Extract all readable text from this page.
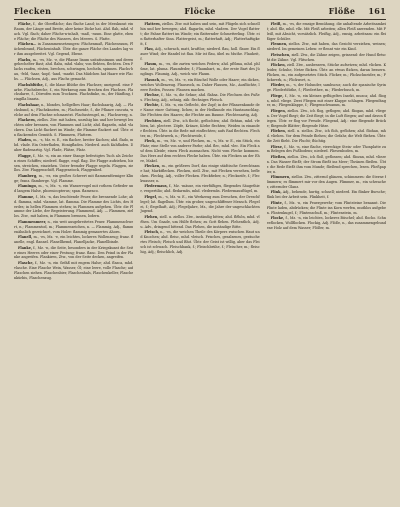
Flecken	Flöcke	Flöße 161

Fläche, f., die Oberfläche; das flache Land; in der Messkunst ein Raum, der Länge und Breite, aber keine Dicke hat. Ahd. flah, mhd. vlach. Vgl. flach; daher Fläche-n-inhalt, -maß, -raum. Eine glatte, ebene Fläche; die Fläche des Wassers, des Meeres. S. Platte.

Flächen… in Zusammensetzungen: Flächenmaß, Flächenraum, Flächenbrand, Flächeninhalt. Übtr. die ganze Fläche des Landes lag vor ihm ausgebreitet. Vgl. Gegend, Ebene.

Flachs, m., -es, Mz. -e, die Pflanze linum usitatissimum und deren gehechelter Bast; ahd. flahs, mhd. vlahs; von flehten, flechten. Den Flachs raufen, rösten, brechen, schwingen, hecheln, spinnen. Flachs-bau, -feld, -haar, -kopf, -land, -markt. Das Mädchen hat Haare wie Flachs. — Flächsen, Adj., aus Flachs gemacht.

Flachsblüthe, f., die blaue Blüthe des Flachses; uneigentl. eine Farbe. Flachsbreche, f., ein Werkzeug zum Brechen des Flachses. Flachsdarre, f., Dörrofen zum Trocknen. Flachsfinke, m., der Hänfling, fringilla linaria.

Flachshaar, n., blondes, hellgelbes Haar; flachshaarig, Adj. — Flachsbund, n.; Flachsknoten, m.; Flachsseide, f., die Pflanze cuscuta, welche auf dem Flachse schmarotzt. Flachsstengel, m.; Flachswerg, n.

Flackern, ziellos. Ztw. mit haben, unruhig hin und her bewegt leuchten oder brennen, von Flammen und Licht; ahd. flagarôn, mhd. vlackern. Das Licht flackert im Winde; die Flamme flackert auf. Übtr. ein flackerndes Gemüth. S. Flimmern, Flattern.

Fladen, m., -s, Mz. w. E., ein flacher, breiter Kuchen; ahd. flado, mhd. vlade. Ein Osterfladen, Honigfladen. Niederd. auch Kuhfladen. Daher fladenartig. Vgl. Flade, Plätze, Platz.

Flagge, f., Mz. -n, ein an einer Stange befestigtes Tuch als Zeichen eines Schiffes; niederd. flagge, engl. flag. Die Flagge aufziehen, hissen, streichen, einziehen. Unter fremder Flagge segeln. Flaggen, ziellos. Ztw. Flaggenschiff, Flaggenstock, Flaggenlied.

Flamberg, m., -es, ein großes Schwert mit flammenförmiger Klinge; franz. flamberge. Vgl. Flamme.

Flamingo, m., -s, Mz. -s, ein Wasservogel mit rothem Gefieder und langem Halse, phoenicopterus; span. flamenco.

Flamme, f., Mz. -n, das leuchtende Feuer, die brennende Lohe; ahd. flamma, mhd. vlamme, lat. flamma. Die Flamme des Lichts, des Herdes; in hellen Flammen stehen; in Flammen aufgehen. Übtr. die Flamme der Liebe, der Begeisterung. Flammend, Adj. — Flammen, ziellos. Ztw., mit haben, in Flammen brennen, lodern.

Flammenmeer, n., ein weit ausgebreitetes Feuer. Flammenschwert, n.; Flammentod, m.; Flammenzeichen, n. — Flammig, Adj., flammenähnlich gezeichnet, vom Holze: flammig gemasertes Ahorn.

Flanell, m., -es, Mz. -e, ein leichtes, lockeres Wollenzeug; franz. flanelle, engl. flannel. Flanellhemd, Flanelljacke, Flanellbinde.

Flanke, f., Mz. -n, die Seite, besonders in der Kriegskunst die Seite eines Heeres oder einer Festung; franz. flanc. Den Feind in der Flanke angreifen. Flankiren, Ztw., von der Seite decken, angreifen.

Flasche, f., Mz. -n, ein Gefäß mit engem Halse; ahd. flasca, mhd. vlasche. Eine Flasche Wein, Wasser, Öl; eine leere, volle Flasche; auf Flaschen ziehen. Flaschenbier, Flaschenhals, Flaschenkeller, Flaschenkürbis, Flaschenzug.

Flattern, ziellos. Ztw. mit haben und sein, mit Flügeln sich schnell hin und her bewegen; ahd. flagarôn, mhd. vladern. Der Vogel flattert; die Fahne flattert im Winde; ein flatternder Schmetterling. Übtr. ein flatterhafter Sinn. Flattergeist, m.; flatterhaft, Adj.; Flatterhaftigkeit, f.

Flau, Adj., schwach, matt, kraftlos; niederd. flau, holl. flauw. Ein flauer Wind; der Handel ist flau. Mir ist flau, übel zu Muthe. Flauheit, f.

Flaum, m., -es, die zarten weichen Federn; ahd. pflûma, mhd. phlûme, lat. pluma. Flaumfeder, f.; Flaumbart, m., der erste Bart des Jünglings. Flaumig, Adj., weich wie Flaum.

Flausch, m., -es, Mz. -e, ein Büschel Wolle oder Haare; ein dickes, weiches Wollenzeug. Flausrock, m. Daher Flausen, Mz., Ausflüchte, leere Reden, Possen: Flausen machen.

Flechse, f., Mz. -n, die Sehne; ahd. flahsa. Die Flechsen des Fußes. Flechsig, Adj., sehnig, zäh: flechsiges Fleisch.

Flechte, f., Mz. -n, ein Geflecht, der Zopf; in der Pflanzenkunde der Name einer Gattung, lichen; in der Heilkunde ein Hautausschlag. Die Flechten des Haares; die Flechte am Baume. Flechtenartig, Adj.

Flechten, ziell. Ztw., ich flocht, geflochten; ahd. flehtan, mhd. vlehten, lat. plectere. Zöpfe, Kränze, Körbe flechten; Weiden in einander flechten. Übtr. in die Rede mit einflechten; aufs Rad flechten. Flechter, m.; Flechtwerk, n.; Flechtweide, f.

Fleck, m., -es, Mz. -e, und Flecken, m., -s, Mz. w. E., ein Stück, ein Platz; eine Stelle von anderer Farbe; ahd. flec, mhd. vlec. Ein Fleck auf dem Kleide; einen Fleck ausmachen. Nicht vom Flecke kommen. Das Herz auf dem rechten Flecke haben. Übtr. ein Flecken an der Ehre, Makel.

Flecken, m., ein größeres Dorf, das einige städtische Gerechtsame hat; Marktflecken. Flecken, ziell. Ztw., mit Flecken versehen, beflecken. Fleckig, Adj., voller Flecken. Fleckfieber, n.; Fleckseife, f.; Fleckwasser, n.

Fledermaus, f., Mz. -mäuse, ein vierfüßiges, fliegendes Säugethier, vespertilio; ahd. fledarmûs, mhd. vledermûs. Fledermausflügel, m.

Flegel, m., -s, Mz. w. E., ein Werkzeug zum Dreschen, der Dreschflegel; lat. flagellum. Übtr. ein grober, ungeschliffener Mensch. Flegelei, f.; flegelhaft, Adj.; Flegeljahre, Mz., die Jahre der ungeschlachten Jugend.

Flehen, ziell. u. ziellos. Ztw., inständig bitten; ahd. flêhôn, mhd. vlêhen. Um Gnade, um Hülfe flehen; zu Gott flehen. Flehentlich, Adj. u. Adv., dringend bittend. Das Flehen, die inständige Bitte.

Fleisch, n., -es, die weichen Theile des Körpers zwischen Haut und Knochen; ahd. fleisc, mhd. vleisch. Frisches, gesalzenes, geräuchertes Fleisch; Fleisch und Blut. Übtr. der Geist ist willig, aber das Fleisch ist schwach. Fleischbank, f.; Fleischbrühe, f.; Fleischer, m.; fleischig, Adj.; fleischlich, Adj.

Fleiß, m., -es, die emsige Bemühung, die anhaltende Arbeitsamkeit; ahd. flîz, mhd. vlîz. Mit Fleiß arbeiten; allen Fleiß anwenden. Mit Fleiß, mit Absicht, vorsätzlich. Fleißig, Adj., emsig, arbeitsam: ein fleißiger Schüler.

Flennen, ziellos. Ztw., mit haben, das Gesicht verziehen, weinen; niederd. Im gemeinen Leben: er flennt wie ein Kind.

Fletschen, ziell. Ztw., die Zähne zeigen, grinsend: der Hund fletscht die Zähne. Vgl. Flitschen.

Flicken, ziell. Ztw., ausbessern, Stücke aufsetzen; mhd. vlicken. Kleider, Schuhe, Netze flicken. Übtr. an etwas flicken, daran bessern. Flicken, m., ein aufgesetztes Stück. Flicker, m.; Flickschneider, m.; Flickwerk, n.; Flickwort, n.

Flieder, m., -s, der Holunder, sambucus; auch die spanische Syringe. Fliederblüthe, f.; Fliederthee, m.; Fliederbusch, m.

Fliege, f., Mz. -n, ein kleines geflügeltes Insekt, musca; ahd. flioga, mhd. vliege. Zwei Fliegen mit einer Klappe schlagen. Fliegenfänger, m.; Fliegenklappe, f.; Fliegenschwamm, m.

Fliegen, ziellos. Ztw., ich flog, geflogen; ahd. fliogan, mhd. vliegen. Der Vogel fliegt; die Zeit fliegt; in die Luft fliegen; auf und davon fliegen. Übtr. er flog vor Freude. Fliegend, Adj.: eine fliegende Brücke; fliegende Blätter; fliegende Hitze.

Fliehen, ziell. u. ziellos. Ztw., ich floh, geflohen; ahd. fliohan, mhd. vliehen. Vor dem Feinde fliehen; die Gefahr, die Welt fliehen. Übtr. die Zeit flieht. Die Flucht; flüchtig.

Fliese, f., Mz. -n, eine flache, viereckige Stein- oder Thonplatte zum Belegen des Fußbodens; niederd. Fliesenboden, m.

Fließen, ziellos. Ztw., ich floß, geflossen; ahd. fliozan, mhd. vliezen. Das Wasser fließt; der Strom fließt ins Meer; Thränen fließen. Übtr. die Rede fließt ihm vom Munde; fließend sprechen, lesen. Fließpapier, n.

Flimmern, ziellos. Ztw., zitternd glänzen, schimmern: die Sterne flimmern; es flimmert mir vor den Augen. Flimmer, m., ein schwacher, zitternder Glanz.

Flink, Adj., behende, hurtig, schnell; niederd. Ein flinker Bursche; flink bei der Arbeit sein. Flinkheit, f.

Flinte, f., Mz. -n, ein Feuergewehr; vom Flintsteine benannt. Die Flinte laden, abdrücken; die Flinte ins Korn werfen, muthlos aufgeben. Flintenkugel, f.; Flintenschuß, m.; Flintenstein, m.

Flocke, f., Mz. -n, ein leichtes, lockeres Büschel; ahd. flocho. Schneeflocken, Wollflocken. Flockig, Adj. Flöße, n., das zusammengebundene Holz auf dem Wasser; Flößer, m.
